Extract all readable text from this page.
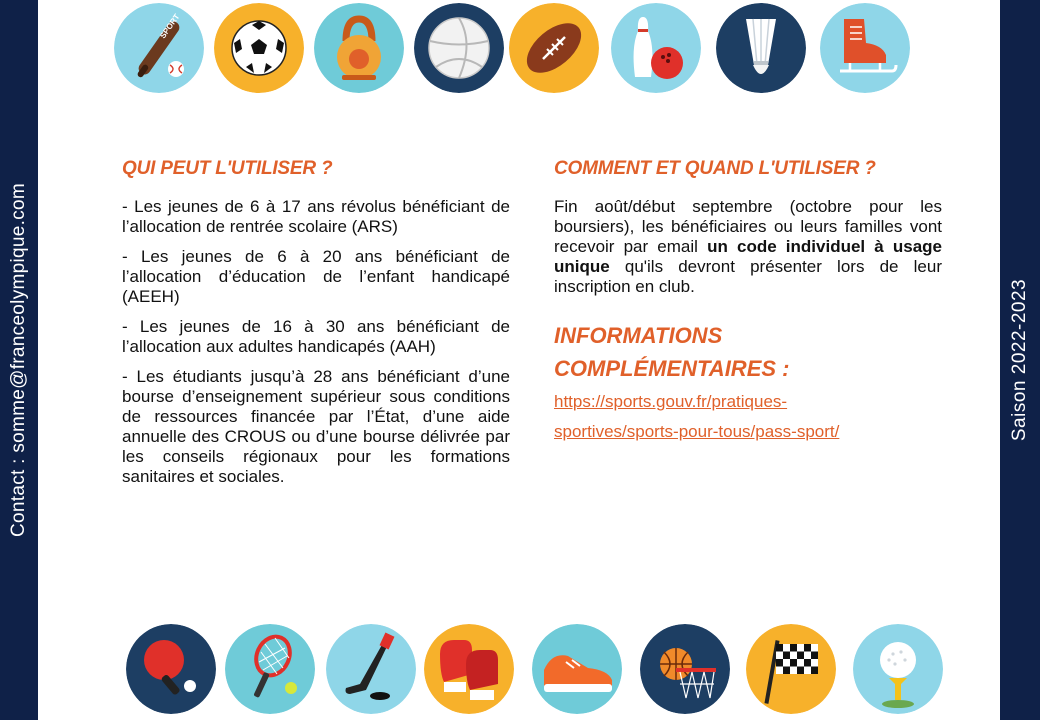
Contact : somme@franceolympique.com	Saison 2022-2023
SPORT
QUI PEUT L'UTILISER ?

- Les jeunes de 6 à 17 ans révolus bénéficiant de l’allocation de rentrée scolaire (ARS)

- Les jeunes de 6 à 20 ans bénéficiant de l’allocation d’éducation de l’enfant handicapé (AEEH)

- Les jeunes de 16 à 30 ans bénéficiant de l’allocation aux adultes handicapés (AAH)

- Les étudiants jusqu’à 28 ans bénéficiant d’une bourse d’enseignement supérieur sous conditions de ressources financée par l’État, d’une aide annuelle des CROUS ou d’une bourse délivrée par les conseils régionaux pour les formations sanitaires et sociales.

COMMENT ET QUAND L'UTILISER ?

Fin août/début septembre (octobre pour les boursiers), les bénéficiaires ou leurs familles vont recevoir par email un code individuel à usage unique qu'ils devront présenter lors de leur inscription en club.

INFORMATIONS

COMPLÉMENTAIRES :

https://sports.gouv.fr/pratiques-
sportives/sports-pour-tous/pass-sport/
